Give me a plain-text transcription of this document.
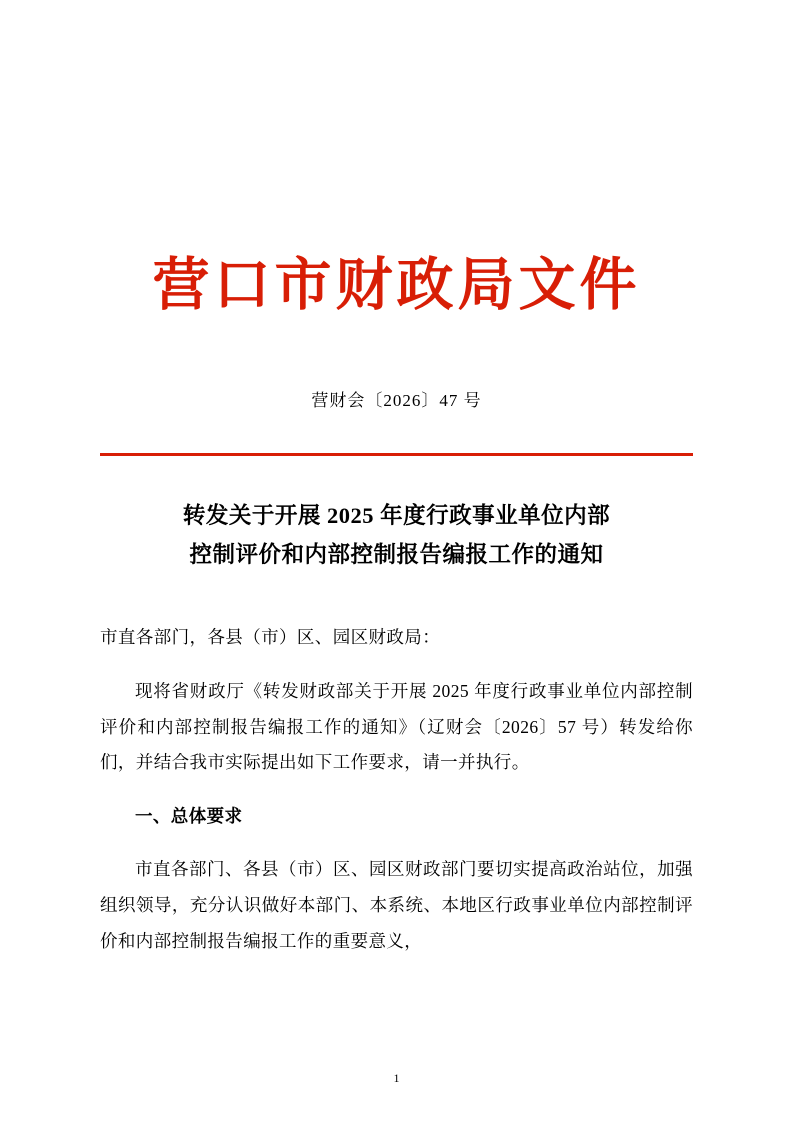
营口市财政局文件
营财会〔2026〕47 号
转发关于开展 2025 年度行政事业单位内部
控制评价和内部控制报告编报工作的通知

市直各部门，各县（市）区、园区财政局：

现将省财政厅《转发财政部关于开展 2025 年度行政事业单位内部控制评价和内部控制报告编报工作的通知》（辽财会〔2026〕57 号）转发给你们，并结合我市实际提出如下工作要求，请一并执行。

一、总体要求

市直各部门、各县（市）区、园区财政部门要切实提高政治站位，加强组织领导，充分认识做好本部门、本系统、本地区行政事业单位内部控制评价和内部控制报告编报工作的重要意义，

1
